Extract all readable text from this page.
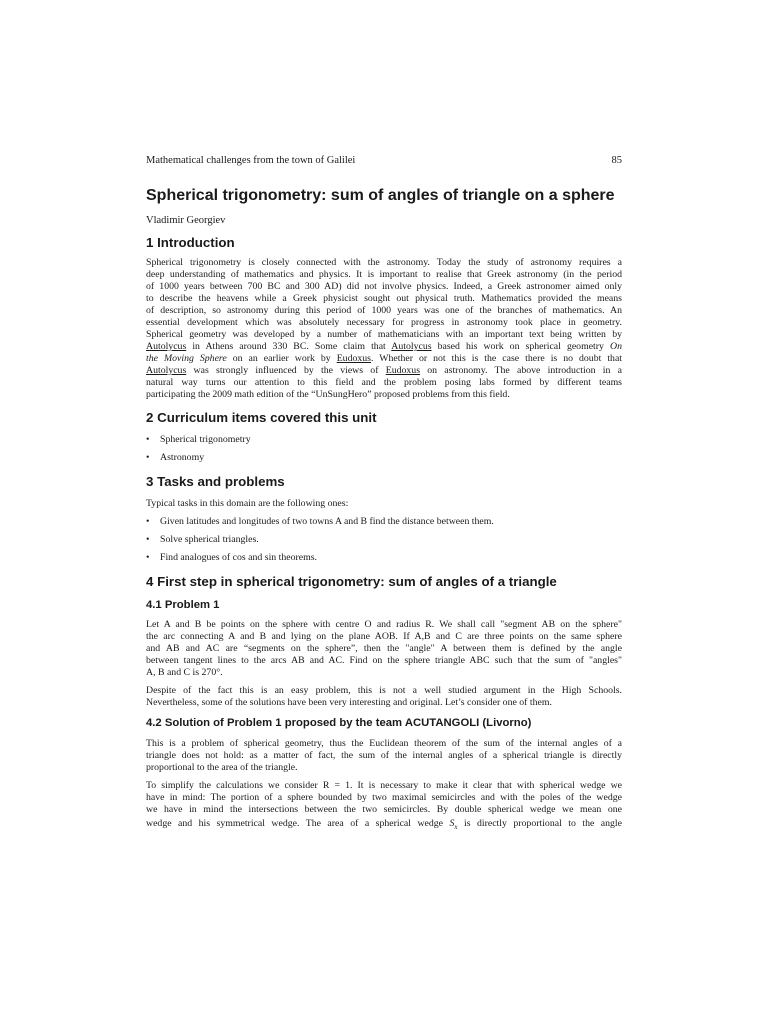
Mathematical challenges from the town of Galilei	85
Spherical trigonometry: sum of angles of triangle on a sphere

Vladimir Georgiev

1 Introduction

Spherical trigonometry is closely connected with the astronomy. Today the study of astronomy requires a

deep understanding of mathematics and physics. It is important to realise that Greek astronomy (in the period

of 1000 years between 700 BC and 300 AD) did not involve physics. Indeed, a Greek astronomer aimed only

to describe the heavens while a Greek physicist sought out physical truth. Mathematics provided the means

of description, so astronomy during this period of 1000 years was one of the branches of mathematics. An

essential development which was absolutely necessary for progress in astronomy took place in geometry.

Spherical geometry was developed by a number of mathematicians with an important text being written by

Autolycus in Athens around 330 BC. Some claim that Autolycus based his work on spherical geometry On

the Moving Sphere on an earlier work by Eudoxus. Whether or not this is the case there is no doubt that

Autolycus was strongly influenced by the views of Eudoxus on astronomy. The above introduction in a

natural way turns our attention to this field and the problem posing labs formed by different teams

participating the 2009 math edition of the “UnSungHero” proposed problems from this field.

2 Curriculum items covered this unit

• Spherical trigonometry

• Astronomy

3 Tasks and problems

Typical tasks in this domain are the following ones:

• Given latitudes and longitudes of two towns A and B find the distance between them.

• Solve spherical triangles.

• Find analogues of cos and sin theorems.

4 First step in spherical trigonometry: sum of angles of a triangle
4.1 Problem 1

Let A and B be points on the sphere with centre O and radius R. We shall call "segment AB on the sphere"

the arc connecting A and B and lying on the plane AOB. If A,B and C are three points on the same sphere

and AB and AC are “segments on the sphere”, then the "angle" A between them is defined by the angle

between tangent lines to the arcs AB and AC. Find on the sphere triangle ABC such that the sum of "angles"

A, B and C is 270°.

Despite of the fact this is an easy problem, this is not a well studied argument in the High Schools.

Nevertheless, some of the solutions have been very interesting and original. Let’s consider one of them.

4.2 Solution of Problem 1 proposed by the team ACUTANGOLI (Livorno)

This is a problem of spherical geometry, thus the Euclidean theorem of the sum of the internal angles of a

triangle does not hold: as a matter of fact, the sum of the internal angles of a spherical triangle is directly

proportional to the area of the triangle.

To simplify the calculations we consider R = 1. It is necessary to make it clear that with spherical wedge we

have in mind: The portion of a sphere bounded by two maximal semicircles and with the poles of the wedge

we have in mind the intersections between the two semicircles. By double spherical wedge we mean one

wedge and his symmetrical wedge. The area of a spherical wedge $S_x$ is directly proportional to the angle
